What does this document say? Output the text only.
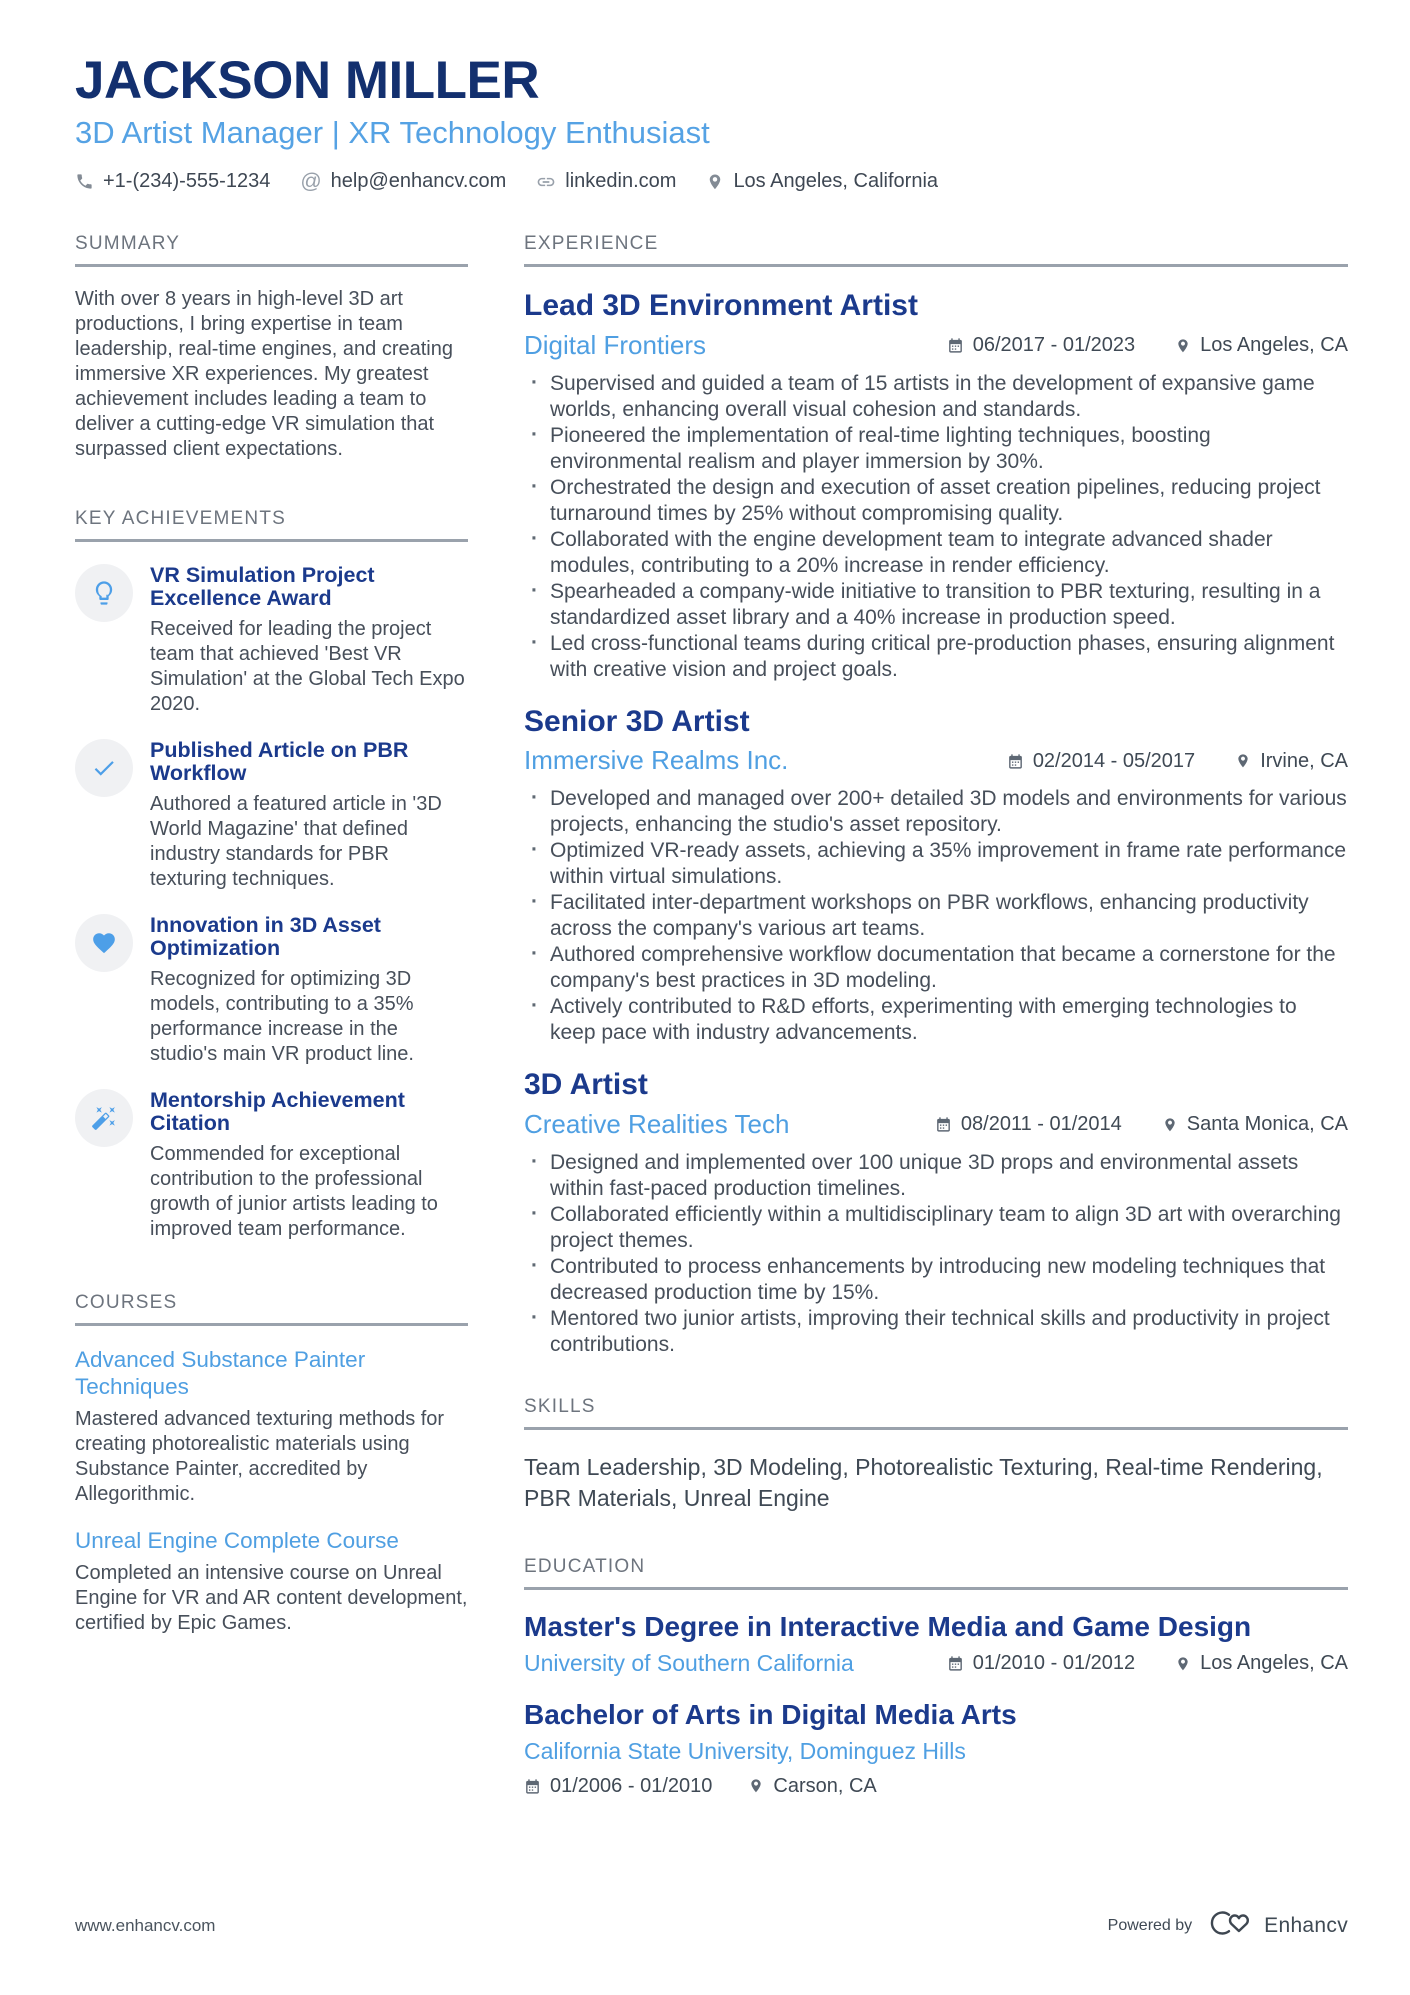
JACKSON MILLER
3D Artist Manager | XR Technology Enthusiast
+1-(234)-555-1234 @ help@enhancv.com	linkedin.com	Los Angeles, California
SUMMARY
With over 8 years in high-level 3D art productions, I bring expertise in team leadership, real-time engines, and creating immersive XR experiences. My greatest achievement includes leading a team to deliver a cutting-edge VR simulation that surpassed client expectations.
KEY ACHIEVEMENTS
VR Simulation Project Excellence Award
Received for leading the project team that achieved 'Best VR Simulation' at the Global Tech Expo 2020.
Published Article on PBR Workflow
Authored a featured article in '3D World Magazine' that defined industry standards for PBR texturing techniques.
Innovation in 3D Asset Optimization
Recognized for optimizing 3D models, contributing to a 35% performance increase in the studio's main VR product line.
Mentorship Achievement Citation
Commended for exceptional contribution to the professional growth of junior artists leading to improved team performance.
COURSES
Advanced Substance Painter Techniques
Mastered advanced texturing methods for creating photorealistic materials using Substance Painter, accredited by Allegorithmic.
Unreal Engine Complete Course
Completed an intensive course on Unreal Engine for VR and AR content development, certified by Epic Games.
EXPERIENCE
Lead 3D Environment Artist
Digital Frontiers	06/2017 - 01/2023	Los Angeles, CA
· Supervised and guided a team of 15 artists in the development of expansive game worlds, enhancing overall visual cohesion and standards.
· Pioneered the implementation of real-time lighting techniques, boosting environmental realism and player immersion by 30%.
· Orchestrated the design and execution of asset creation pipelines, reducing project turnaround times by 25% without compromising quality.
· Collaborated with the engine development team to integrate advanced shader modules, contributing to a 20% increase in render efficiency.
· Spearheaded a company-wide initiative to transition to PBR texturing, resulting in a standardized asset library and a 40% increase in production speed.
· Led cross-functional teams during critical pre-production phases, ensuring alignment with creative vision and project goals.
Senior 3D Artist
Immersive Realms Inc.	02/2014 - 05/2017	Irvine, CA
· Developed and managed over 200+ detailed 3D models and environments for various projects, enhancing the studio's asset repository.
· Optimized VR-ready assets, achieving a 35% improvement in frame rate performance within virtual simulations.
· Facilitated inter-department workshops on PBR workflows, enhancing productivity across the company's various art teams.
· Authored comprehensive workflow documentation that became a cornerstone for the company's best practices in 3D modeling.
· Actively contributed to R&D efforts, experimenting with emerging technologies to keep pace with industry advancements.
3D Artist
Creative Realities Tech	08/2011 - 01/2014	Santa Monica, CA
· Designed and implemented over 100 unique 3D props and environmental assets within fast-paced production timelines.
· Collaborated efficiently within a multidisciplinary team to align 3D art with overarching project themes.
· Contributed to process enhancements by introducing new modeling techniques that decreased production time by 15%.
· Mentored two junior artists, improving their technical skills and productivity in project contributions.
SKILLS
Team Leadership, 3D Modeling, Photorealistic Texturing, Real-time Rendering, PBR Materials, Unreal Engine
EDUCATION
Master's Degree in Interactive Media and Game Design
University of Southern California	01/2010 - 01/2012	Los Angeles, CA
Bachelor of Arts in Digital Media Arts
California State University, Dominguez Hills
01/2006 - 01/2010	Carson, CA
www.enhancv.com	Powered by	Enhancv
